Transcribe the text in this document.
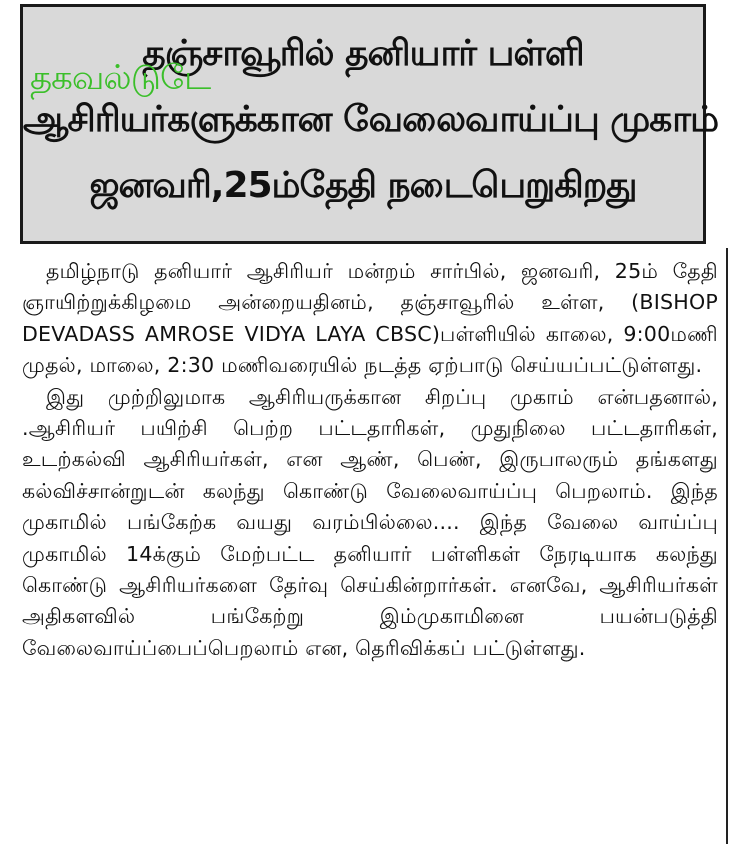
தஞ்சாவூரில் தனியார் பள்ளி
ஆசிரியர்களுக்கான வேலைவாய்ப்பு முகாம்
ஜனவரி,25ம்தேதி நடைபெறுகிறது
தகவல்டுடே

தமிழ்நாடு தனியார் ஆசிரியர் மன்றம் சார்பில், ஜனவரி, 25ம் தேதி ஞாயிற்றுக்கிழமை அன்றையதினம், தஞ்சாவூரில் உள்ள, (BISHOP DEVADASS AMROSE VIDYA LAYA CBSC)பள்ளியில் காலை, 9:00மணி முதல், மாலை, 2:30 மணிவரையில் நடத்த ஏற்பாடு செய்யப்பட்டுள்ளது.

இது முற்றிலுமாக ஆசிரியருக்கான சிறப்பு முகாம் என்பதனால், .ஆசிரியர் பயிற்சி பெற்ற பட்டதாரிகள், முதுநிலை பட்டதாரிகள், உடற்கல்வி ஆசிரியர்கள், என ஆண், பெண், இருபாலரும் தங்களது கல்விச்சான்றுடன் கலந்து கொண்டு வேலைவாய்ப்பு பெறலாம். இந்த முகாமில் பங்கேற்க வயது வரம்பில்லை.... இந்த வேலை வாய்ப்பு முகாமில் 14க்கும் மேற்பட்ட தனியார் பள்ளிகள் நேரடியாக கலந்து கொண்டு ஆசிரியர்களை தேர்வு செய்கின்றார்கள். எனவே, ஆசிரியர்கள் அதிகளவில் பங்கேற்று இம்முகாமினை பயன்படுத்தி வேலைவாய்ப்பைப்பெறலாம் என, தெரிவிக்கப் பட்டுள்ளது.
